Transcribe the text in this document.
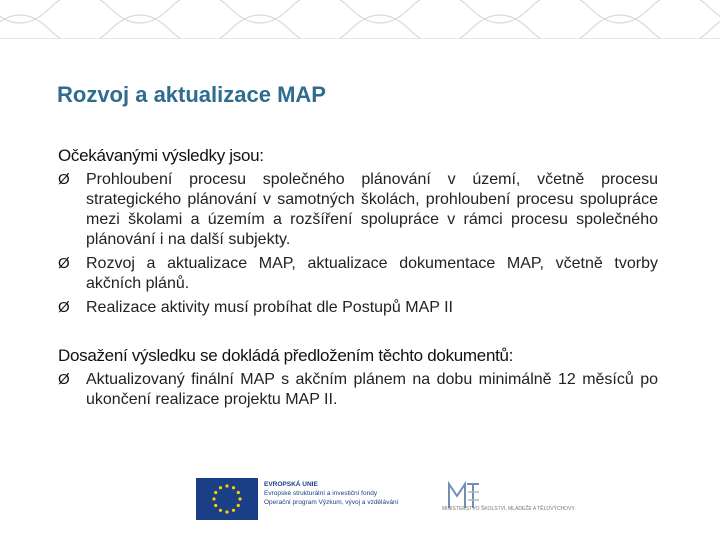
Rozvoj a aktualizace MAP
Očekávanými výsledky jsou:
Ø Prohloubení procesu společného plánování v území, včetně procesu strategického plánování v samotných školách, prohloubení procesu spolupráce mezi školami a územím a rozšíření spolupráce v rámci procesu společného plánování i na další subjekty.
Ø Rozvoj a aktualizace MAP, aktualizace dokumentace MAP, včetně tvorby akčních plánů.
Ø Realizace aktivity musí probíhat dle Postupů MAP II
Dosažení výsledku se dokládá předložením těchto dokumentů:
Ø Aktualizovaný finální MAP s akčním plánem na dobu minimálně 12 měsíců po ukončení realizace projektu MAP II.
EVROPSKÁ UNIE
Evropské strukturální a investiční fondy
Operační program Výzkum, vývoj a vzdělávání
MINISTERSTVO ŠKOLSTVÍ, MLÁDEŽE A TĚLOVÝCHOVY
